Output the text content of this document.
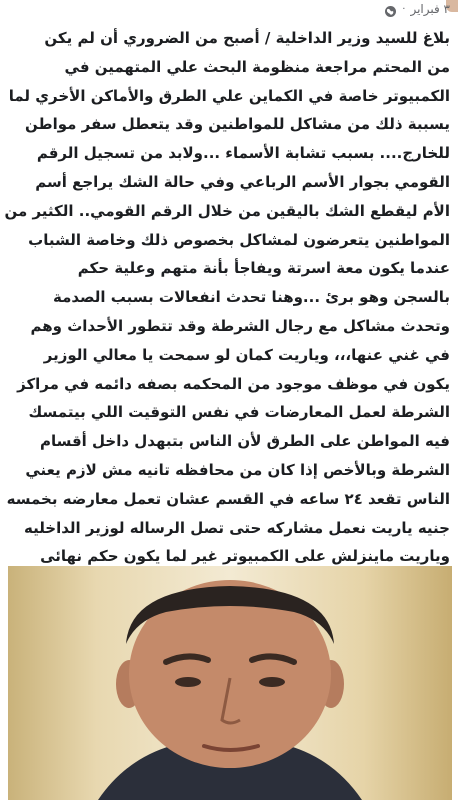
· ٣ فبراير

بلاغ للسيد وزير الداخلية / أصبح من الضروري أن لم يكن

من المحتم مراجعة منظومة البحث علي المتهمين في

الكمبيوتر خاصة في الكماين علي الطرق والأماكن الأخري لما

يسببة ذلك من مشاكل للمواطنين وقد يتعطل سفر مواطن

للخارج.... بسبب تشابة الأسماء ...ولابد من تسجيل الرقم

القومي بجوار الأسم الرباعي وفي حالة الشك يراجع أسم

الأم ليقطع الشك باليقين من خلال الرقم القومي.. الكثير من

المواطنين يتعرضون لمشاكل بخصوص ذلك وخاصة الشباب

عندما يكون معة اسرتة ويفاجأ بأنة متهم وعلية حكم

بالسجن وهو برئ ...وهنا تحدث انفعالات بسبب الصدمة

وتحدث مشاكل مع رجال الشرطة وقد تتطور الأحداث وهم

في غني عنها،،، وياريت كمان لو سمحت يا معالي الوزير

يكون في موظف موجود من المحكمه بصفه دائمه في مراكز

الشرطة لعمل المعارضات في نفس التوقيت اللي بيتمسك

فيه المواطن على الطرق لأن الناس بتبهدل داخل أقسام

الشرطة وبالأخص إذا كان من محافظه تانيه مش لازم يعني

الناس تقعد ٢٤ ساعه في القسم عشان تعمل معارضه بخمسه

جنيه ياريت نعمل مشاركه حتى تصل الرساله لوزير الداخليه

وياريت ماينزلش على الكمبيوتر غير لما يكون حكم نهائى
